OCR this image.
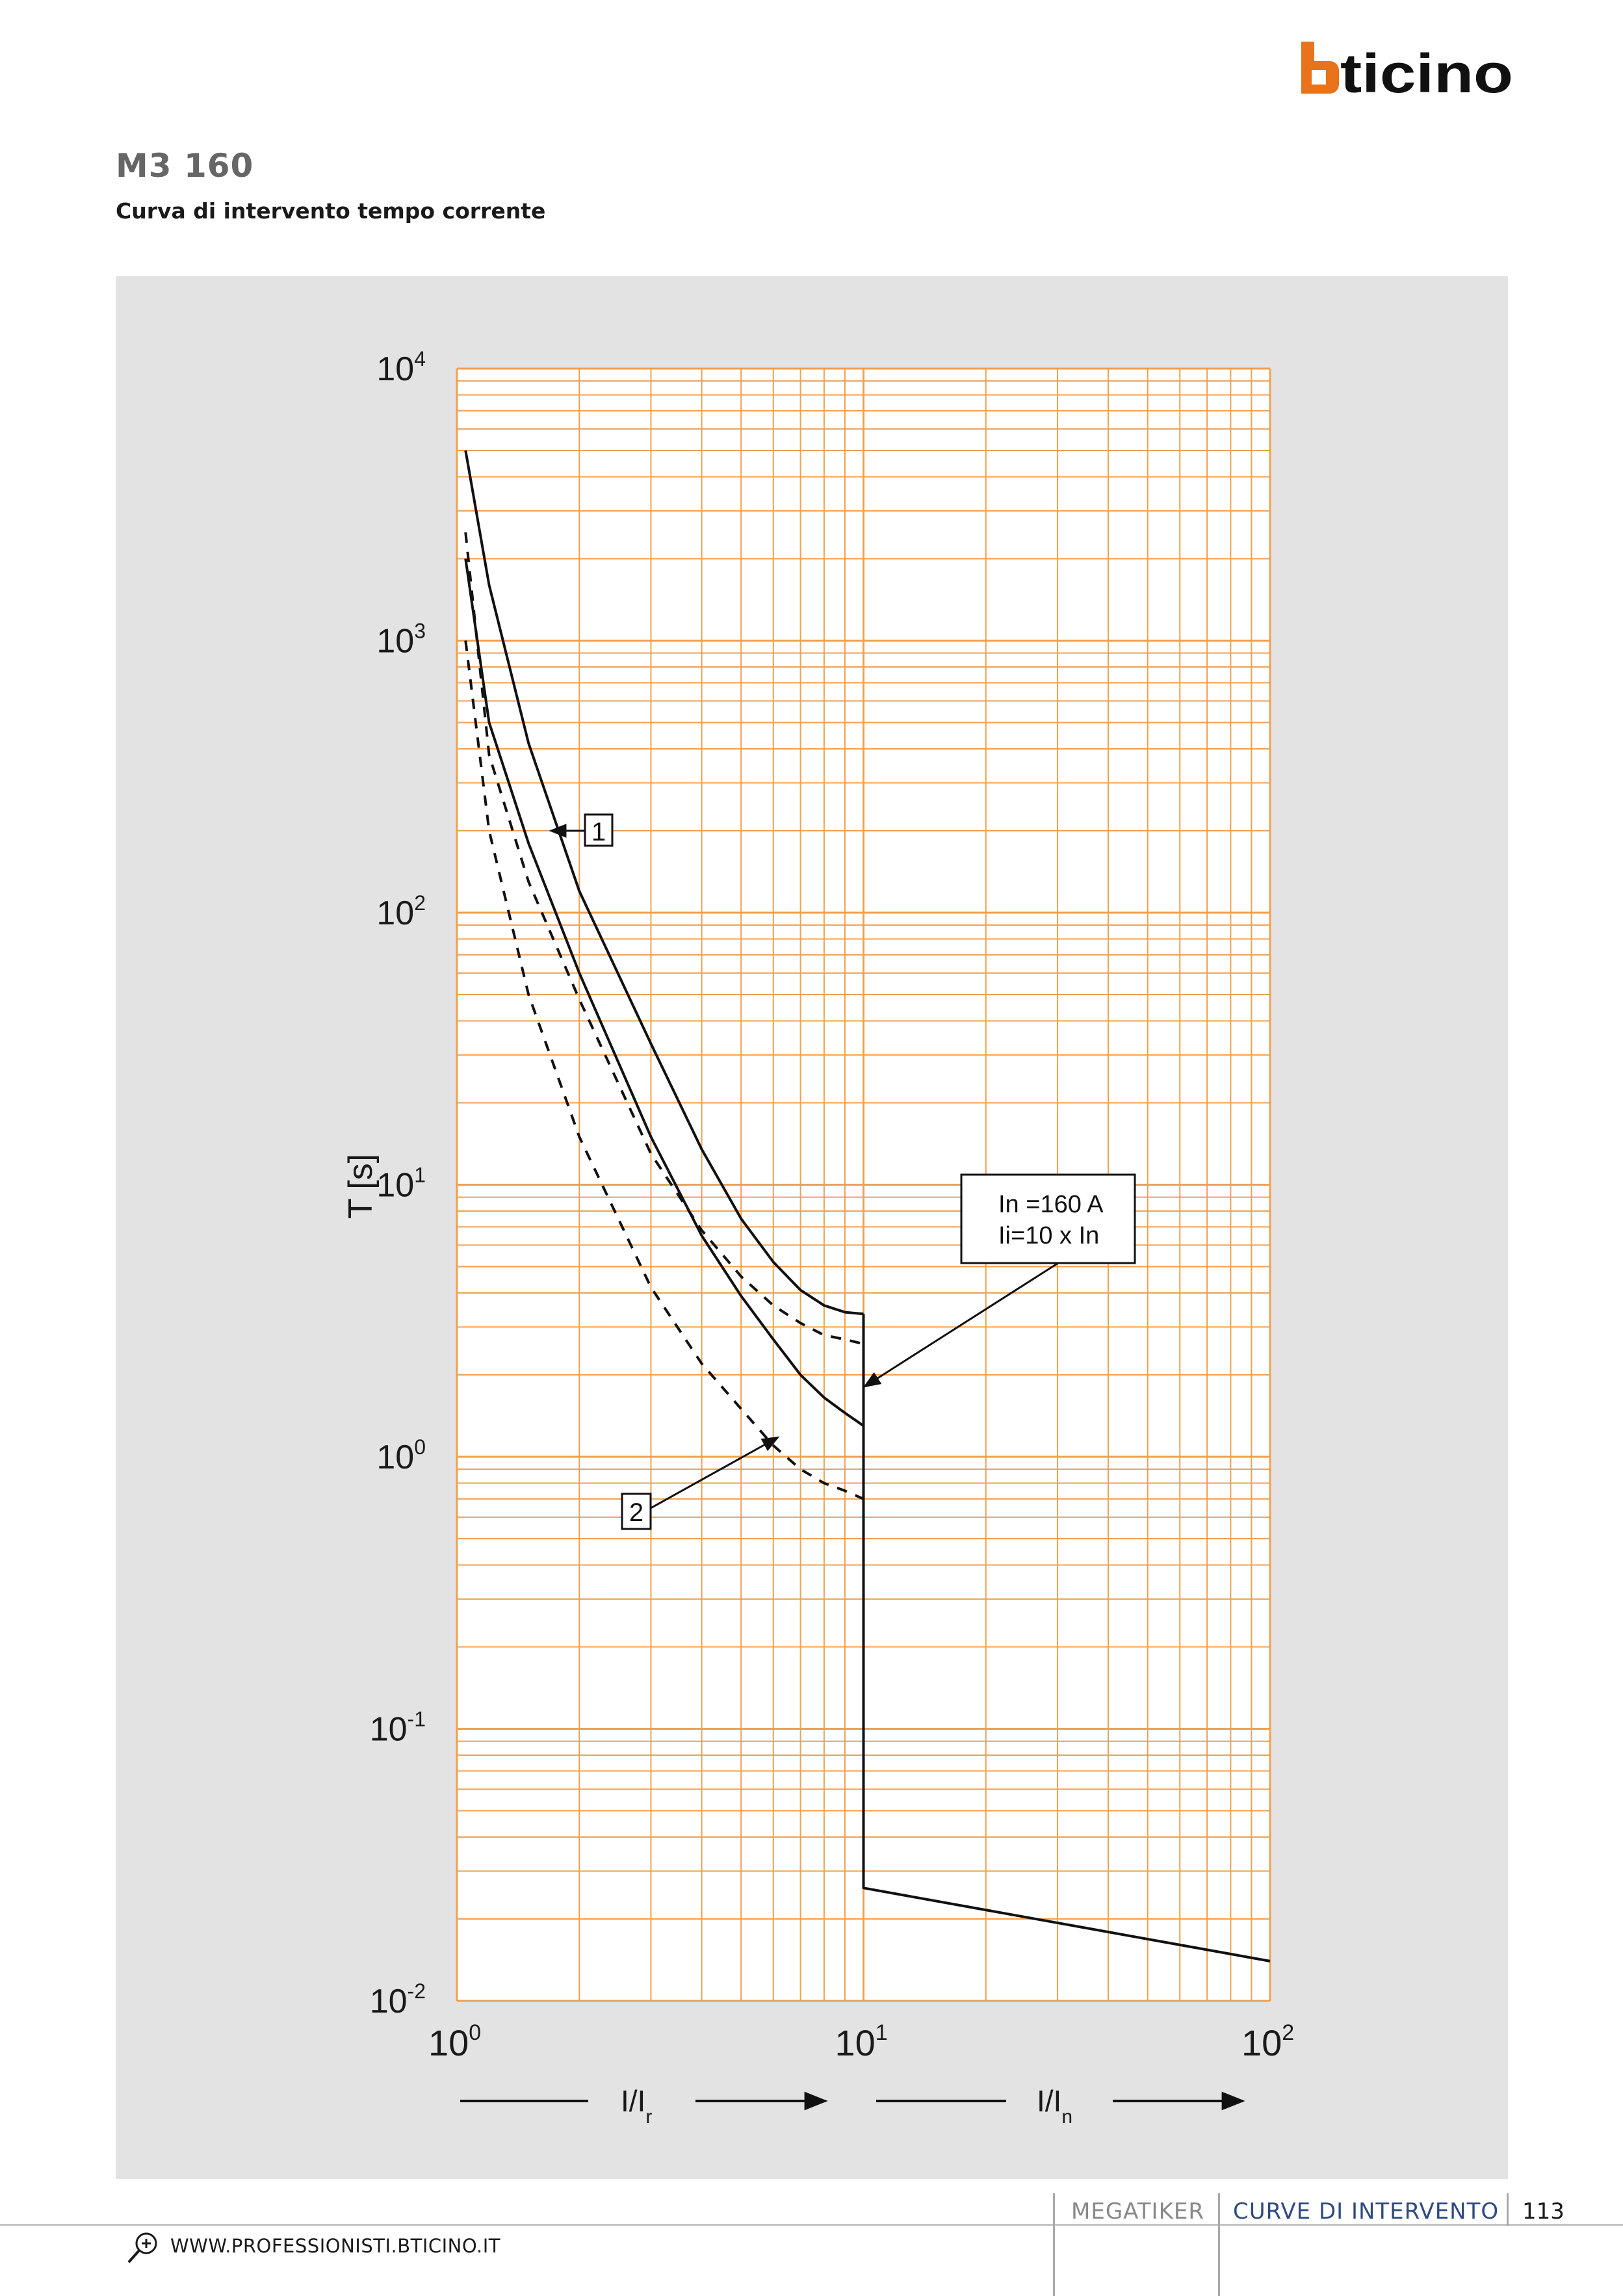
ticino
M3 160
Curva di intervento tempo corrente
$10^4$
$10^3$
$10^2$
$10^1$
$10^0$
$10^{-1}$
$10^{-2}$
$10^0$	$10^1$	$10^2$
T [s]
$I/I_r$	$I/I_n$
1
2
In =160 A
Ii=10 x In
MEGATIKER CURVE DI INTERVENTO 113
WWW.PROFESSIONISTI.BTICINO.IT
